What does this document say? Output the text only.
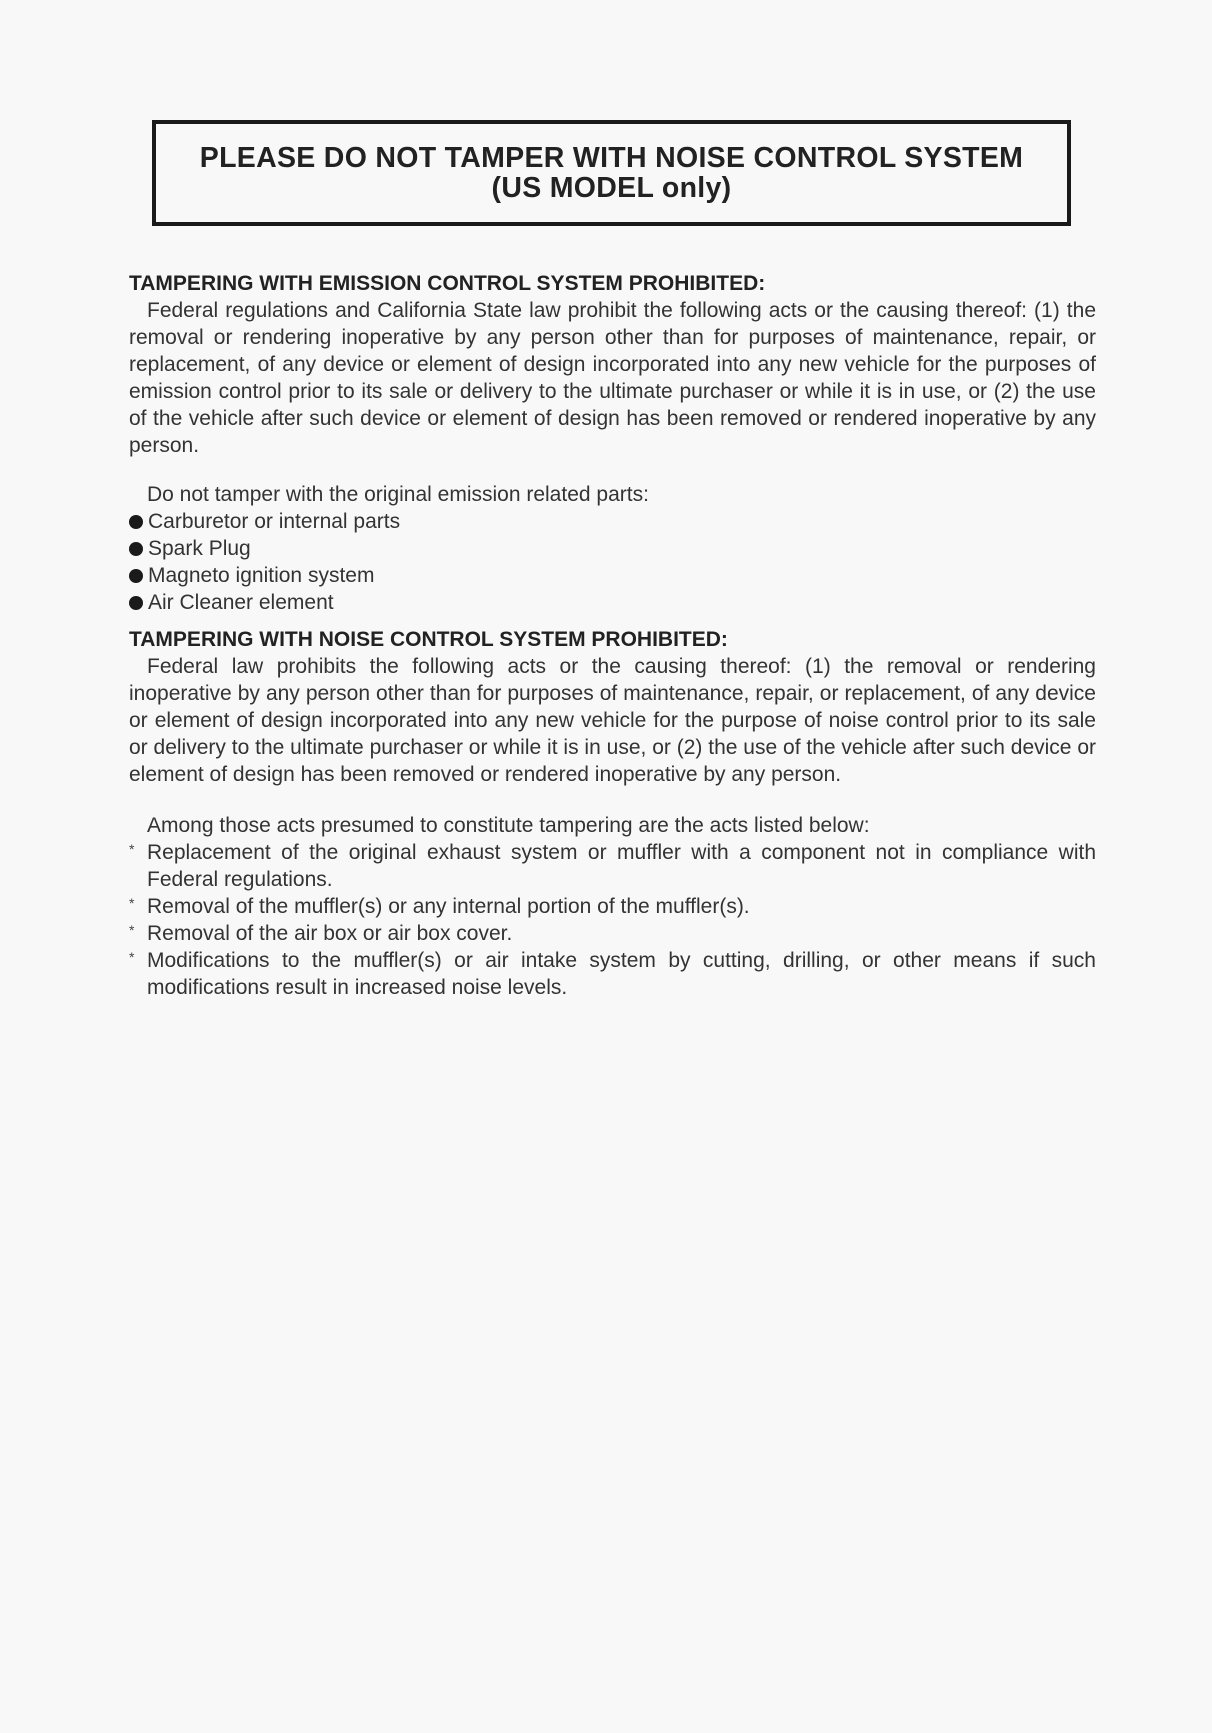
PLEASE DO NOT TAMPER WITH NOISE CONTROL SYSTEM
(US MODEL only)
TAMPERING WITH EMISSION CONTROL SYSTEM PROHIBITED:

Federal regulations and California State law prohibit the following acts or the causing thereof: (1) the removal or rendering inoperative by any person other than for purposes of maintenance, repair, or replacement, of any device or element of design incorporated into any new vehicle for the purposes of emission control prior to its sale or delivery to the ultimate purchaser or while it is in use, or (2) the use of the vehicle after such device or element of design has been removed or rendered inoperative by any person.

Do not tamper with the original emission related parts:

Carburetor or internal parts
Spark Plug
Magneto ignition system
Air Cleaner element
TAMPERING WITH NOISE CONTROL SYSTEM PROHIBITED:

Federal law prohibits the following acts or the causing thereof: (1) the removal or rendering inoperative by any person other than for purposes of maintenance, repair, or replacement, of any device or element of design incorporated into any new vehicle for the purpose of noise control prior to its sale or delivery to the ultimate purchaser or while it is in use, or (2) the use of the vehicle after such device or element of design has been removed or rendered inoperative by any person.

Among those acts presumed to constitute tampering are the acts listed below:

* Replacement of the original exhaust system or muffler with a component not in compliance with Federal regulations.
* Removal of the muffler(s) or any internal portion of the muffler(s).
* Removal of the air box or air box cover.
* Modifications to the muffler(s) or air intake system by cutting, drilling, or other means if such modifications result in increased noise levels.
